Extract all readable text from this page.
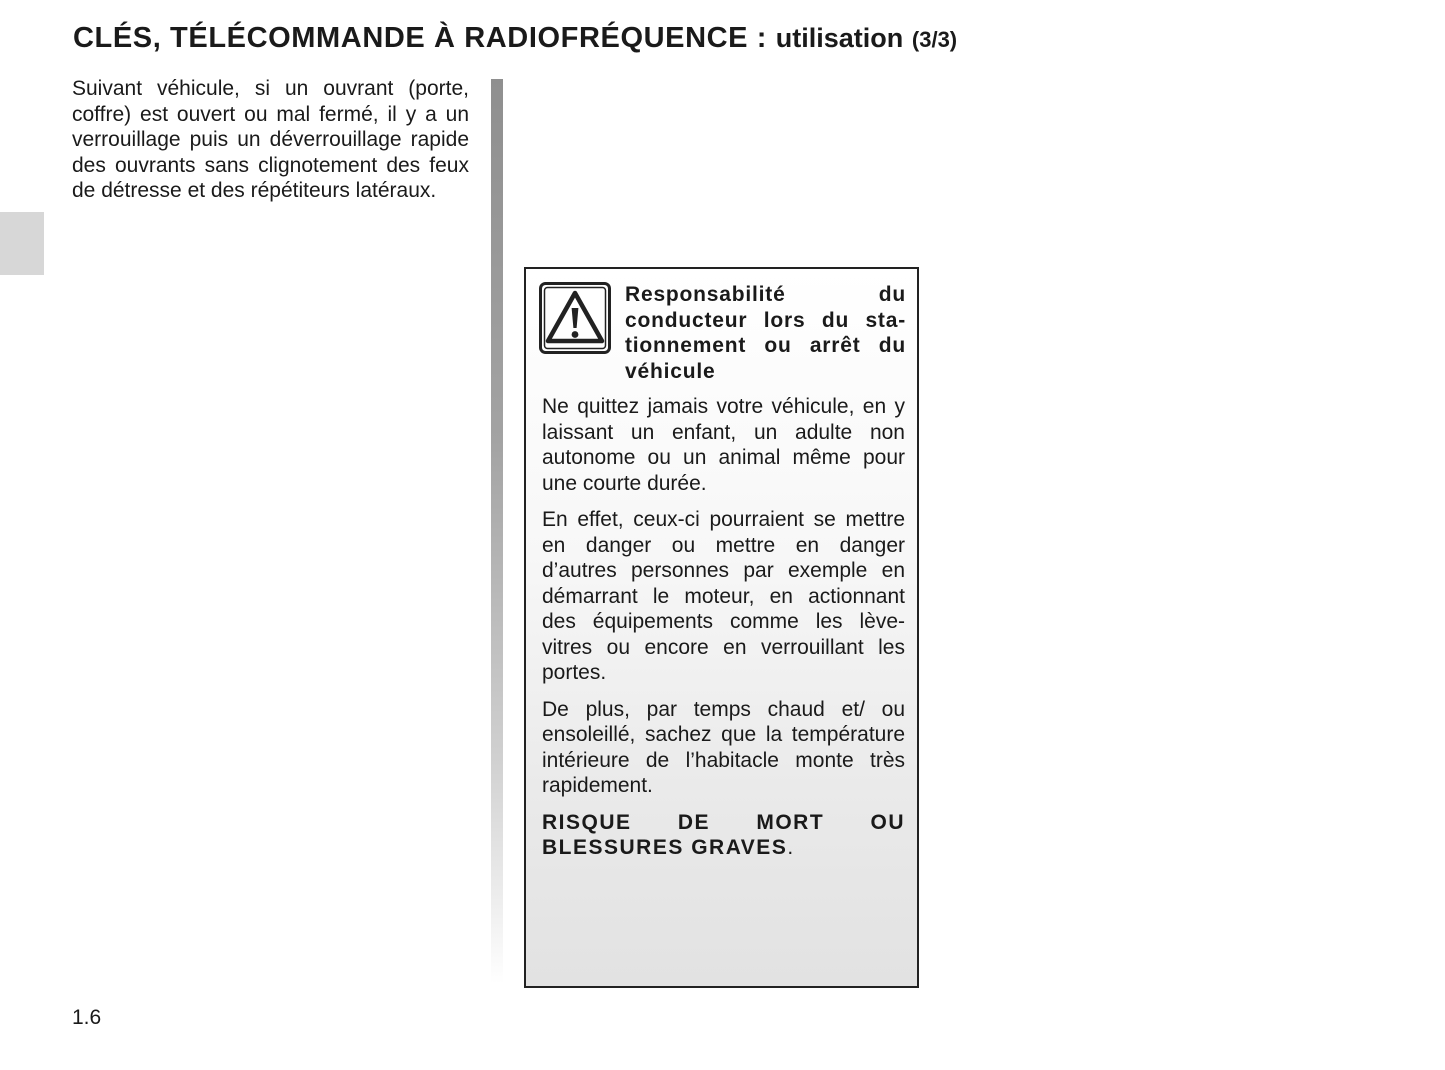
CLÉS, TÉLÉCOMMANDE À RADIOFRÉQUENCE : utilisation (3/3)

Suivant véhicule, si un ouvrant (porte, coffre) est ouvert ou mal fermé, il y a un verrouillage puis un déverrouillage rapide des ouvrants sans clignotement des feux de détresse et des répétiteurs latéraux.

Responsabilité du conducteur lors du sta- tionnement ou arrêt du véhicule

Ne quittez jamais votre véhicule, en y laissant un enfant, un adulte non autonome ou un animal même pour une courte durée.

En effet, ceux-ci pourraient se mettre en danger ou mettre en danger d’autres personnes par exemple en démarrant le moteur, en actionnant des équipements comme les lève-vitres ou encore en verrouillant les portes.

De plus, par temps chaud et/ ou ensoleillé, sachez que la température intérieure de l’habitacle monte très rapidement.

RISQUE DE MORT OU BLESSURES GRAVES.

1.6
